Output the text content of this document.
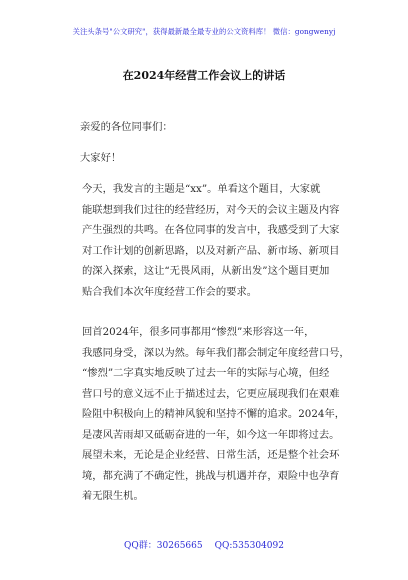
关注头条号"公文研究"，获得最新最全最专业的公文资料库！ 微信：gongwenyj
在2024年经营工作会议上的讲话
亲爱的各位同事们：
大家好！
今天，我发言的主题是“xx”。单看这个题目，大家就
能联想到我们过往的经营经历，对今天的会议主题及内容
产生强烈的共鸣。在各位同事的发言中，我感受到了大家
对工作计划的创新思路，以及对新产品、新市场、新项目
的深入探索，这让“无畏风雨，从新出发”这个题目更加
贴合我们本次年度经营工作会的要求。
回首2024年，很多同事都用“惨烈”来形容这一年，
我感同身受，深以为然。每年我们都会制定年度经营口号，
“惨烈”二字真实地反映了过去一年的实际与心境，但经
营口号的意义远不止于描述过去，它更应展现我们在艰难
险阻中积极向上的精神风貌和坚持不懈的追求。2024年，
是凄风苦雨却又砥砺奋进的一年，如今这一年即将过去。
展望未来，无论是企业经营、日常生活，还是整个社会环
境，都充满了不确定性，挑战与机遇并存，艰险中也孕育
着无限生机。
QQ群：30265665 QQ:535304092
